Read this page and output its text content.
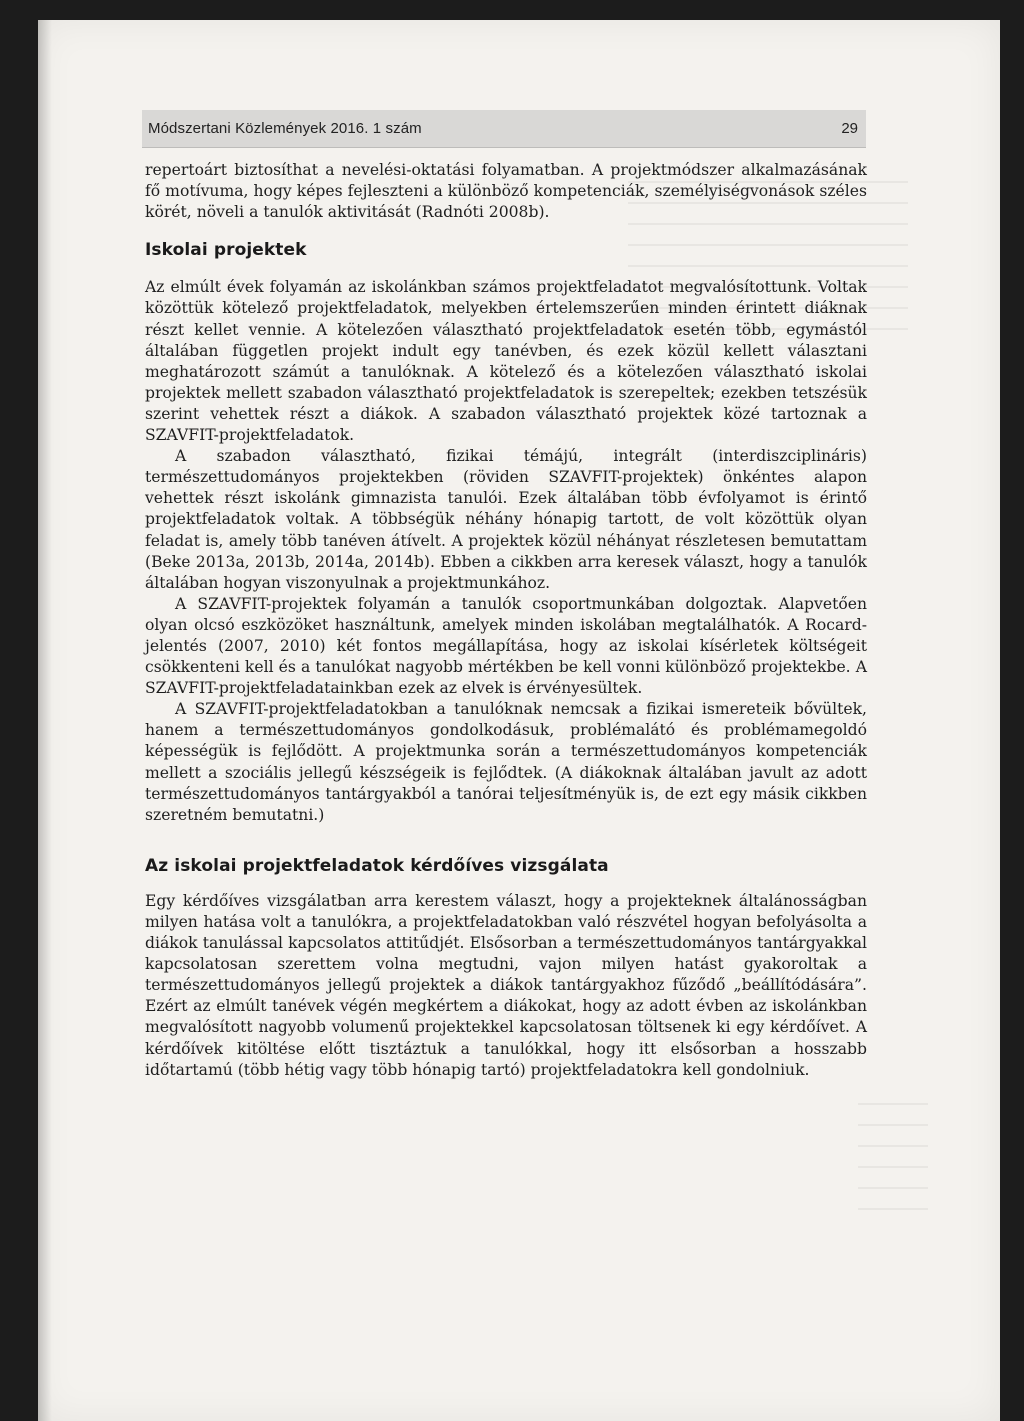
Módszertani Közlemények 2016. 1 szám	29

repertoárt biztosíthat a nevelési-oktatási folyamatban. A projektmódszer alkalmazásának fő motívuma, hogy képes fejleszteni a különböző kompetenciák, személyiségvonások széles körét, növeli a tanulók aktivitását (Radnóti 2008b).

Iskolai projektek

Az elmúlt évek folyamán az iskolánkban számos projektfeladatot megvalósítottunk. Voltak közöttük kötelező projektfeladatok, melyekben értelemszerűen minden érintett diáknak részt kellet vennie. A kötelezően választható projektfeladatok esetén több, egymástól általában független projekt indult egy tanévben, és ezek közül kellett választani meghatározott számút a tanulóknak. A kötelező és a kötelezően választható iskolai projektek mellett szabadon választható projektfeladatok is szerepeltek; ezekben tetszésük szerint vehettek részt a diákok. A szabadon választható projektek közé tartoznak a SZAVFIT-projektfeladatok.

A szabadon választható, fizikai témájú, integrált (interdiszciplináris) természettudományos projektekben (röviden SZAVFIT-projektek) önkéntes alapon vehettek részt iskolánk gimnazista tanulói. Ezek általában több évfolyamot is érintő projektfeladatok voltak. A többségük néhány hónapig tartott, de volt közöttük olyan feladat is, amely több tanéven átívelt. A projektek közül néhányat részletesen bemutattam (Beke 2013a, 2013b, 2014a, 2014b). Ebben a cikkben arra keresek választ, hogy a tanulók általában hogyan viszonyulnak a projektmunkához.

A SZAVFIT-projektek folyamán a tanulók csoportmunkában dolgoztak. Alapvetően olyan olcsó eszközöket használtunk, amelyek minden iskolában megtalálhatók. A Rocard-jelentés (2007, 2010) két fontos megállapítása, hogy az iskolai kísérletek költségeit csökkenteni kell és a tanulókat nagyobb mértékben be kell vonni különböző projektekbe. A SZAVFIT-projektfeladatainkban ezek az elvek is érvényesültek.

A SZAVFIT-projektfeladatokban a tanulóknak nemcsak a fizikai ismereteik bővültek, hanem a természettudományos gondolkodásuk, problémalátó és problémamegoldó képességük is fejlődött. A projektmunka során a természettudományos kompetenciák mellett a szociális jellegű készségeik is fejlődtek. (A diákoknak általában javult az adott természettudományos tantárgyakból a tanórai teljesítményük is, de ezt egy másik cikkben szeretném bemutatni.)

Az iskolai projektfeladatok kérdőíves vizsgálata

Egy kérdőíves vizsgálatban arra kerestem választ, hogy a projekteknek általánosságban milyen hatása volt a tanulókra, a projektfeladatokban való részvétel hogyan befolyásolta a diákok tanulással kapcsolatos attitűdjét. Elsősorban a természettudományos tantárgyakkal kapcsolatosan szerettem volna megtudni, vajon milyen hatást gyakoroltak a természettudományos jellegű projektek a diákok tantárgyakhoz fűződő „beállítódására”. Ezért az elmúlt tanévek végén megkértem a diákokat, hogy az adott évben az iskolánkban megvalósított nagyobb volumenű projektekkel kapcsolatosan töltsenek ki egy kérdőívet. A kérdőívek kitöltése előtt tisztáztuk a tanulókkal, hogy itt elsősorban a hosszabb időtartamú (több hétig vagy több hónapig tartó) projektfeladatokra kell gondolniuk.
